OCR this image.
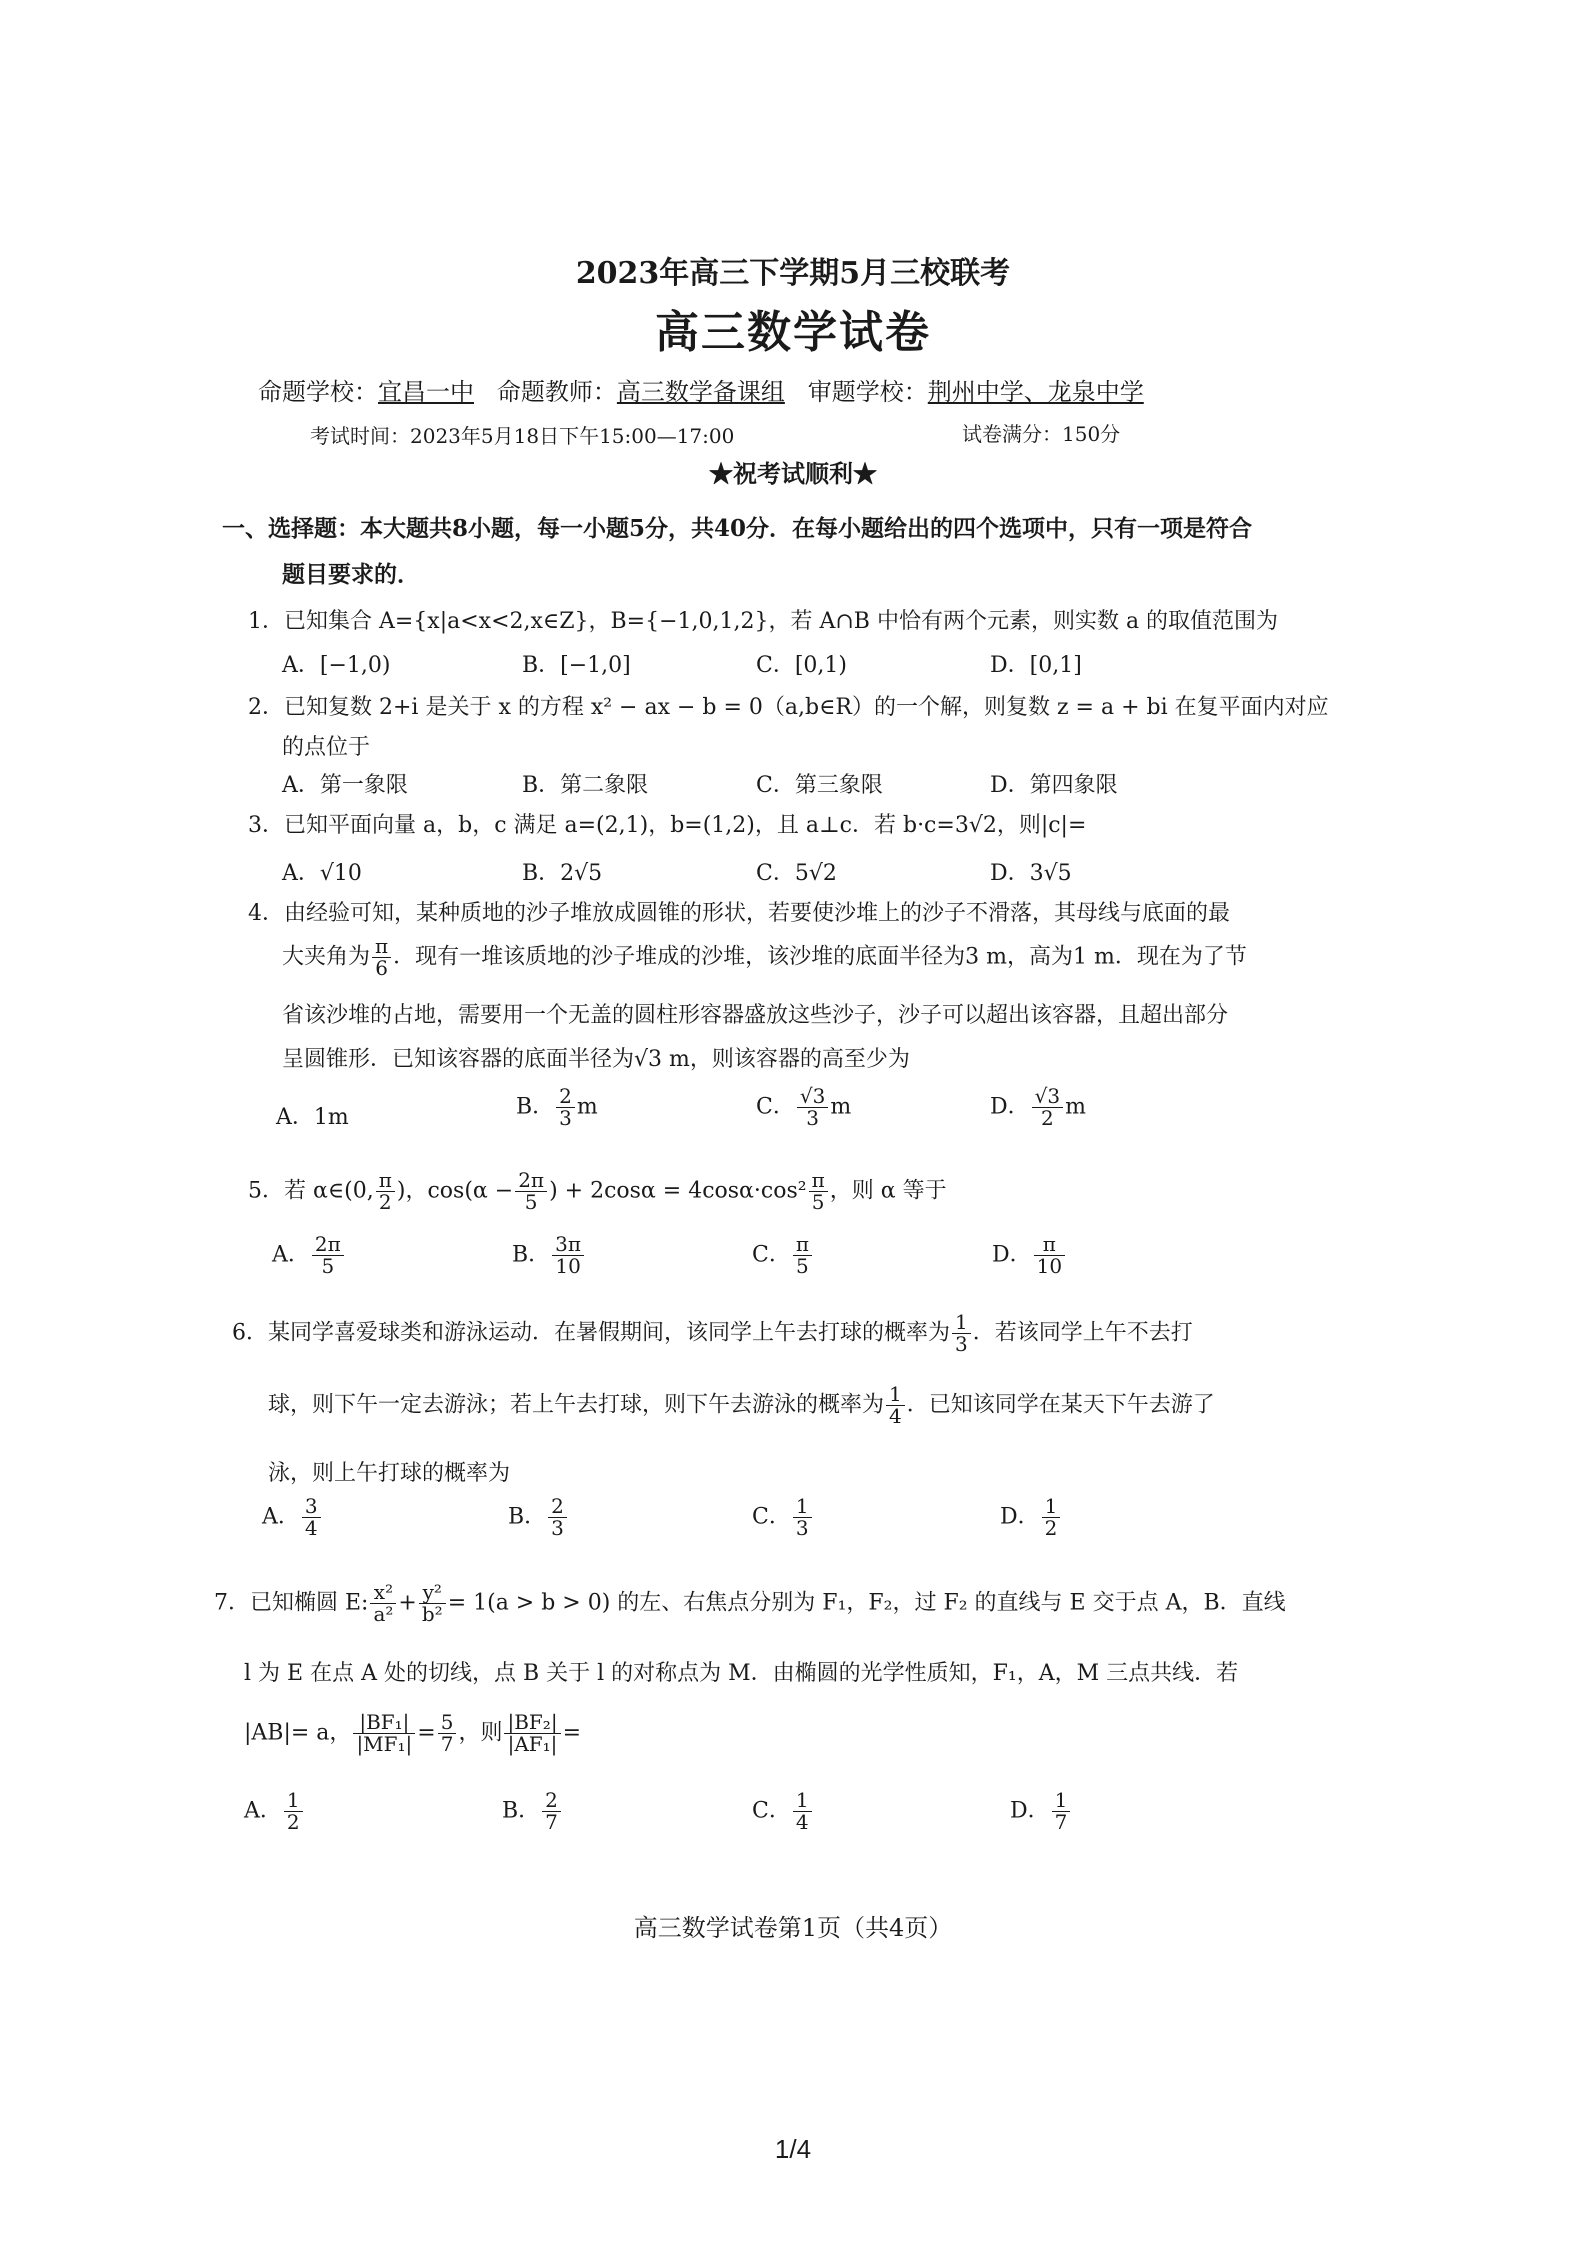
2023年高三下学期5月三校联考
高三数学试卷
命题学校：宜昌一中 命题教师：高三数学备课组 审题学校：荆州中学、龙泉中学
考试时间：2023年5月18日下午15:00—17:00	试卷满分：150分
★祝考试顺利★
一、选择题：本大题共8小题，每一小题5分，共40分．在每小题给出的四个选项中，只有一项是符合
题目要求的．
1．已知集合 A={x|a<x<2,x∈Z}，B={−1,0,1,2}，若 A∩B 中恰有两个元素，则实数 a 的取值范围为
A．[−1,0)	B．[−1,0]	C．[0,1)	D．[0,1]
2．已知复数 2+i 是关于 x 的方程 x² − ax − b = 0（a,b∈R）的一个解，则复数 z = a + bi 在复平面内对应
的点位于
A．第一象限	B．第二象限	C．第三象限	D．第四象限
3．已知平面向量 a，b，c 满足 a=(2,1)，b=(1,2)，且 a⊥c．若 b·c=3√2，则|c|=
A．√10	B．2√5	C．5√2	D．3√5
4．由经验可知，某种质地的沙子堆放成圆锥的形状，若要使沙堆上的沙子不滑落，其母线与底面的最
大夹角为 $\frac{\pi}{6}$ ．现有一堆该质地的沙子堆成的沙堆，该沙堆的底面半径为3 m，高为1 m．现在为了节
省该沙堆的占地，需要用一个无盖的圆柱形容器盛放这些沙子，沙子可以超出该容器，且超出部分
呈圆锥形．已知该容器的底面半径为√3 m，则该容器的高至少为
A．1m	B． $\frac{2}{3}$ m	C． $\frac{√3}{3}$ m	D． $\frac{√3}{2}$ m
5．若 α∈(0, $\frac{\pi}{2}$ )，$\cos(\alpha - \frac{2\pi}{5}$ ) + $2\cos\alpha = 4\cos\alpha\cdot\cos^2 \frac{\pi}{5}$ ，则 α 等于
A． $\frac{2\pi}{5}$	B． $\frac{3\pi}{10}$	C． $\frac{\pi}{5}$	D． $\frac{\pi}{10}$
6．某同学喜爱球类和游泳运动．在暑假期间，该同学上午去打球的概率为 $\frac{1}{3}$ ．若该同学上午不去打
球，则下午一定去游泳；若上午去打球，则下午去游泳的概率为 $\frac{1}{4}$ ．已知该同学在某天下午去游了
泳，则上午打球的概率为
A． $\frac{3}{4}$	B． $\frac{2}{3}$	C． $\frac{1}{3}$	D． $\frac{1}{2}$
7．已知椭圆 E: $\frac{\text{x²}}{\text{a²}} + \frac{\text{y²}}{\text{b²}} = 1(a > b > 0)$ 的左、右焦点分别为 F₁，F₂，过 F₂ 的直线与 E 交于点 A，B．直线
l 为 E 在点 A 处的切线，点 B 关于 l 的对称点为 M．由椭圆的光学性质知，F₁，A，M 三点共线．若
|AB|= a， $\frac{\text{|BF₁|}}{\text{|MF₁|}} = \frac{5}{7}$ ，则 $\frac{\text{|BF₂|}}{\text{|AF₁|}}$ =
A． $\frac{1}{2}$	B． $\frac{2}{7}$	C． $\frac{1}{4}$	D． $\frac{1}{7}$
高三数学试卷第1页（共4页）
1/4
